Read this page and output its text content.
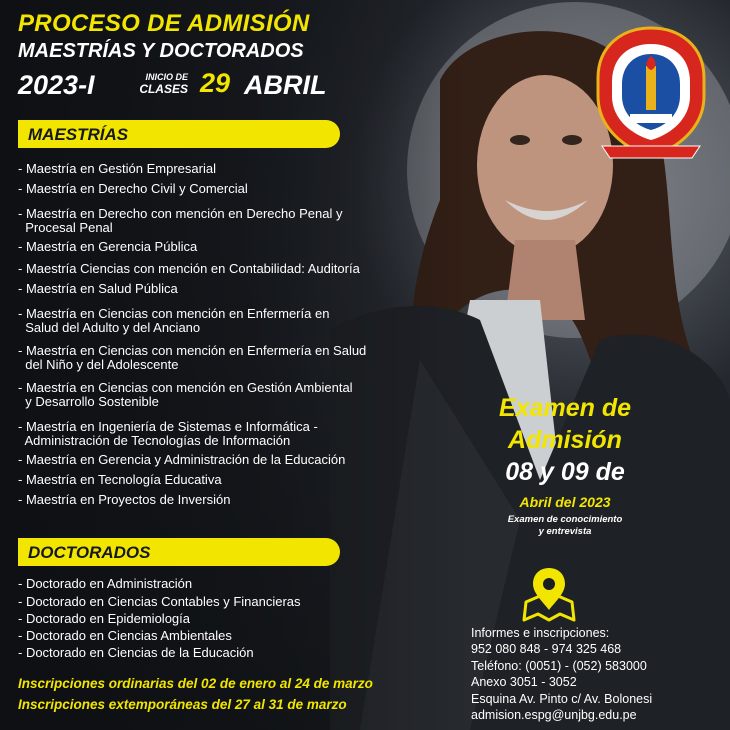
PROCESO DE ADMISIÓN
MAESTRÍAS Y DOCTORADOS
2023-I	INICIO DE
CLASES 29 ABRIL
MAESTRÍAS
- Maestría en Gestión Empresarial
- Maestría en Derecho Civil y Comercial
- Maestría en Derecho con mención en Derecho Penal y
Procesal Penal
- Maestría en Gerencia Pública
- Maestría Ciencias con mención en Contabilidad: Auditoría
- Maestría en Salud Pública
- Maestría en Ciencias con mención en Enfermería en
Salud del Adulto y del Anciano
- Maestría en Ciencias con mención en Enfermería en Salud
del Niño y del Adolescente
- Maestría en Ciencias con mención en Gestión Ambiental
y Desarrollo Sostenible
- Maestría en Ingeniería de Sistemas e Informática -
Administración de Tecnologías de Información
- Maestría en Gerencia y Administración de la Educación
- Maestría en Tecnología Educativa
- Maestría en Proyectos de Inversión
DOCTORADOS
- Doctorado en Administración
- Doctorado en Ciencias Contables y Financieras
- Doctorado en Epidemiología
- Doctorado en Ciencias Ambientales
- Doctorado en Ciencias de la Educación
Inscripciones ordinarias del 02 de enero al 24 de marzo
Inscripciones extemporáneas del 27 al 31 de marzo
Examen de
Admisión
08 y 09 de
Abril del 2023
Examen de conocimiento
y entrevista
Informes e inscripciones:
952 080 848 - 974 325 468
Teléfono: (0051) - (052) 583000
Anexo 3051 - 3052
Esquina Av. Pinto c/ Av. Bolonesi
admision.espg@unjbg.edu.pe
